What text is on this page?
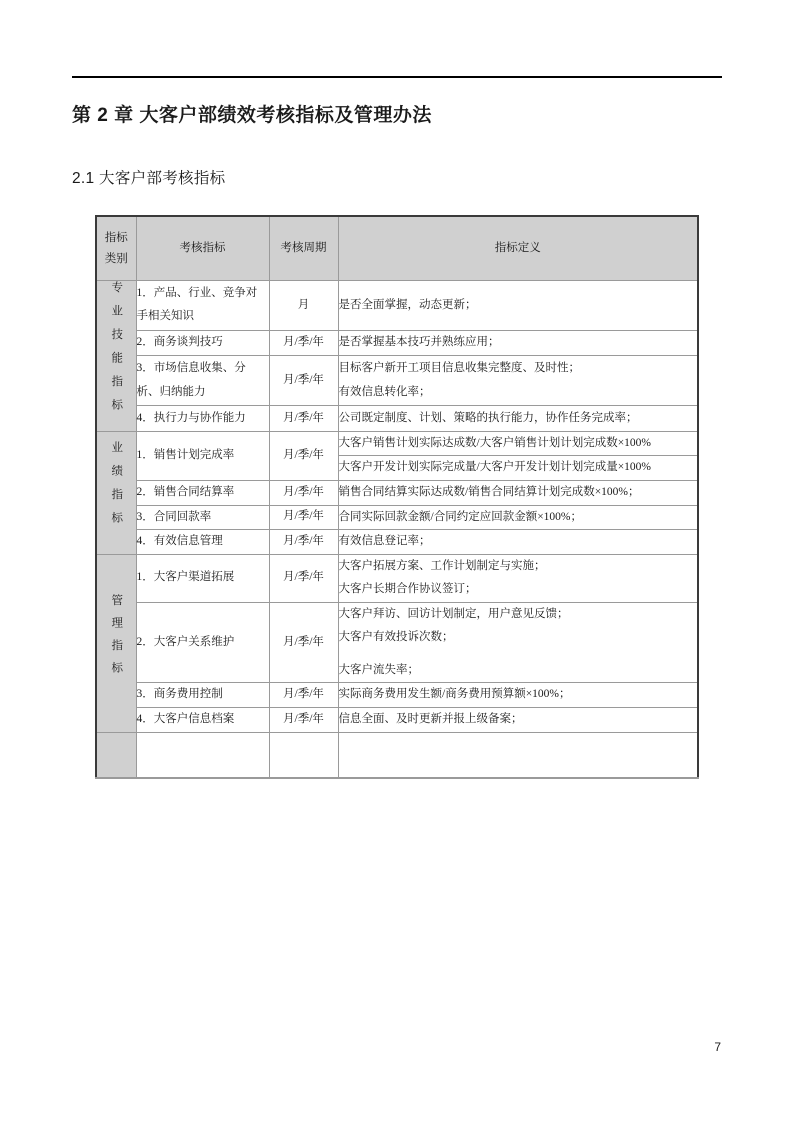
第 2 章 大客户部绩效考核指标及管理办法
2.1 大客户部考核指标
指标
类别	考核指标	考核周期	指标定义
专业技能指标	1．产品、行业、竞争对手相关知识	月	是否全面掌握，动态更新；

	2．商务谈判技巧	月/季/年	是否掌握基本技巧并熟练应用；

	3．市场信息收集、分析、归纳能力	月/季/年	目标客户新开工项目信息收集完整度、及时性；
有效信息转化率；

	4．执行力与协作能力	月/季/年	公司既定制度、计划、策略的执行能力，协作任务完成率；

业绩指标	1．销售计划完成率	月/季/年	大客户销售计划实际达成数/大客户销售计划计划完成数×100%

			大客户开发计划实际完成量/大客户开发计划计划完成量×100%

	2．销售合同结算率	月/季/年	销售合同结算实际达成数/销售合同结算计划完成数×100%；

	3．合同回款率	月/季/年	合同实际回款金额/合同约定应回款金额×100%；

	4．有效信息管理	月/季/年	有效信息登记率；

管理指标	1．大客户渠道拓展	月/季/年	大客户拓展方案、工作计划制定与实施；
大客户长期合作协议签订；

	2．大客户关系维护	月/季/年	大客户拜访、回访计划制定，用户意见反馈；
大客户有效投诉次数；
大客户流失率；

	3．商务费用控制	月/季/年	实际商务费用发生额/商务费用预算额×100%；

	4．大客户信息档案	月/季/年	信息全面、及时更新并报上级备案；

7
